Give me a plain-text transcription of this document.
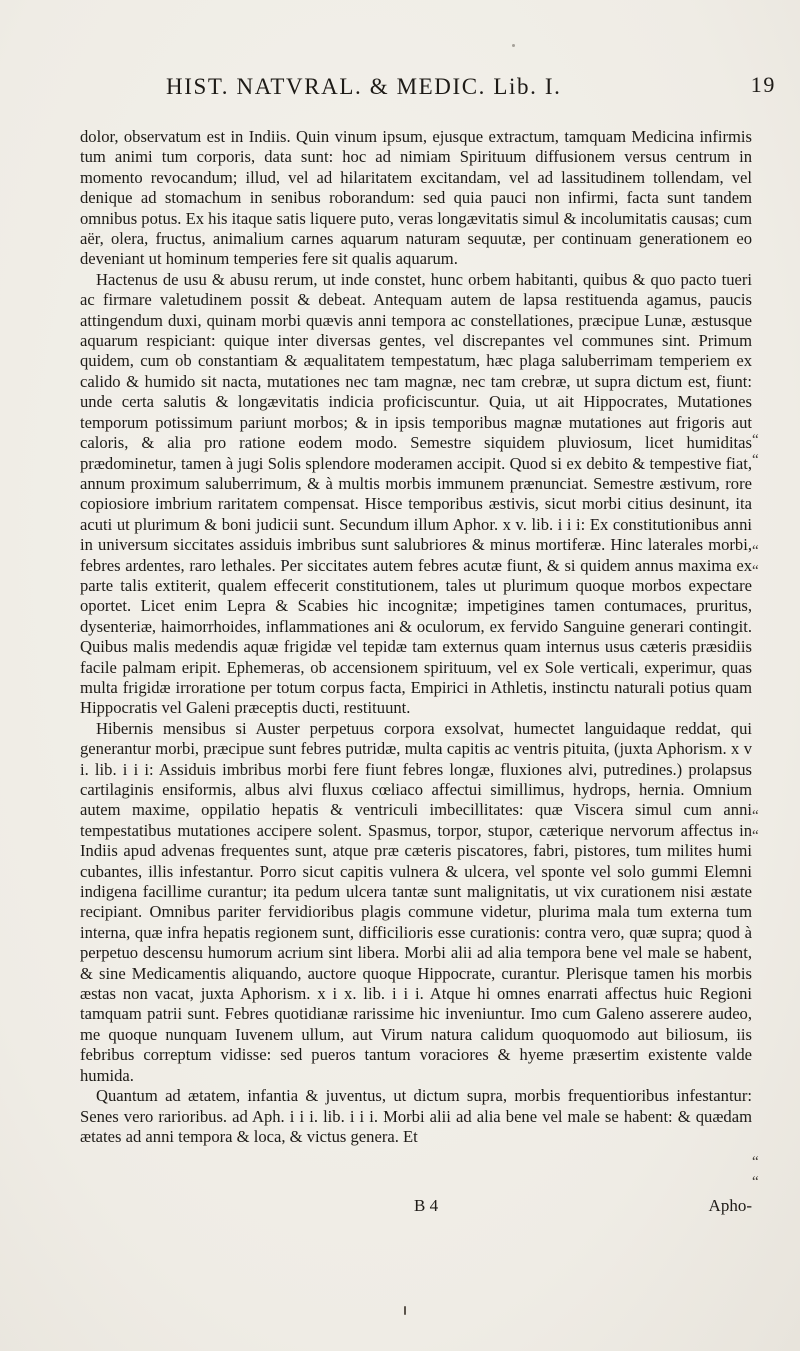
HIST. NATVRAL. & MEDIC. Lib. I.	19

dolor, observatum est in Indiis. Quin vinum ipsum, ejusque extractum, tamquam Medicina infirmis tum animi tum corporis, data sunt: hoc ad nimiam Spirituum diffusionem versus centrum in momento revocandum; illud, vel ad hilaritatem excitandam, vel ad lassitudinem tollendam, vel denique ad stomachum in senibus roborandum: sed quia pauci non infirmi, facta sunt tandem omnibus potus. Ex his itaque satis liquere puto, veras longævitatis simul & incolumitatis causas; cum aër, olera, fructus, animalium carnes aquarum naturam sequutæ, per continuam generationem eo deveniant ut hominum temperies fere sit qualis aquarum.

Hactenus de usu & abusu rerum, ut inde constet, hunc orbem habitanti, quibus & quo pacto tueri ac firmare valetudinem possit & debeat. Antequam autem de lapsa restituenda agamus, paucis attingendum duxi, quinam morbi quævis anni tempora ac constellationes, præcipue Lunæ, æstusque aquarum respiciant: quique inter diversas gentes, vel discrepantes vel communes sint. Primum quidem, cum ob constantiam & æqualitatem tempestatum, hæc plaga saluberrimam temperiem ex calido & humido sit nacta, mutationes nec tam magnæ, nec tam crebræ, ut supra dictum est, fiunt: unde certa salutis & longævitatis indicia proficiscuntur. Quia, ut ait Hippocrates, Mutationes temporum potissimum pariunt morbos; & in ipsis temporibus magnæ mutationes aut frigoris aut caloris, & alia pro ratione eodem modo. Semestre siquidem pluviosum, licet humiditas prædominetur, tamen à jugi Solis splendore moderamen accipit. Quod si ex debito & tempestive fiat, annum proximum saluberrimum, & à multis morbis immunem prænunciat. Semestre æstivum, rore copiosiore imbrium raritatem compensat. Hisce temporibus æstivis, sicut morbi citius desinunt, ita acuti ut plurimum & boni judicii sunt. Secundum illum Aphor. x v. lib. i i i: Ex constitutionibus anni in universum siccitates assiduis imbribus sunt salubriores & minus mortiferæ. Hinc laterales morbi, febres ardentes, raro lethales. Per siccitates autem febres acutæ fiunt, & si quidem annus maxima ex parte talis extiterit, qualem effecerit constitutionem, tales ut plurimum quoque morbos expectare oportet. Licet enim Lepra & Scabies hic incognitæ; impetigines tamen contumaces, pruritus, dysenteriæ, haimorrhoides, inflammationes ani & oculorum, ex fervido Sanguine generari contingit. Quibus malis medendis aquæ frigidæ vel tepidæ tam externus quam internus usus cæteris præsidiis facile palmam eripit. Ephemeras, ob accensionem spirituum, vel ex Sole verticali, experimur, quas multa frigidæ irroratione per totum corpus facta, Empirici in Athletis, instinctu naturali potius quam Hippocratis vel Galeni præceptis ducti, restituunt.

Hibernis mensibus si Auster perpetuus corpora exsolvat, humectet languidaque reddat, qui generantur morbi, præcipue sunt febres putridæ, multa capitis ac ventris pituita, (juxta Aphorism. x v i. lib. i i i: Assiduis imbribus morbi fere fiunt febres longæ, fluxiones alvi, putredines.) prolapsus cartilaginis ensiformis, albus alvi fluxus cœliaco affectui simillimus, hydrops, hernia. Omnium autem maxime, oppilatio hepatis & ventriculi imbecillitates: quæ Viscera simul cum anni tempestatibus mutationes accipere solent. Spasmus, torpor, stupor, cæterique nervorum affectus in Indiis apud advenas frequentes sunt, atque præ cæteris piscatores, fabri, pistores, tum milites humi cubantes, illis infestantur. Porro sicut capitis vulnera & ulcera, vel sponte vel solo gummi Elemni indigena facillime curantur; ita pedum ulcera tantæ sunt malignitatis, ut vix curationem nisi æstate recipiant. Omnibus pariter fervidioribus plagis commune videtur, plurima mala tum externa tum interna, quæ infra hepatis regionem sunt, difficilioris esse curationis: contra vero, quæ supra; quod à perpetuo descensu humorum acrium sint libera. Morbi alii ad alia tempora bene vel male se habent, & sine Medicamentis aliquando, auctore quoque Hippocrate, curantur. Plerisque tamen his morbis æstas non vacat, juxta Aphorism. x i x. lib. i i i. Atque hi omnes enarrati affectus huic Regioni tamquam patrii sunt. Febres quotidianæ rarissime hic inveniuntur. Imo cum Galeno asserere audeo, me quoque nunquam Iuvenem ullum, aut Virum natura calidum quoquomodo aut biliosum, iis febribus correptum vidisse: sed pueros tantum voraciores & hyeme præsertim existente valde humida.

Quantum ad ætatem, infantia & juventus, ut dictum supra, morbis frequentioribus infestantur: Senes vero rarioribus. ad Aph. i i i. lib. i i i. Morbi alii ad alia bene vel male se habent: & quædam ætates ad anni tempora & loca, & victus genera. Et

“
“
“
“
“
“
“
“
B 4	Apho-
